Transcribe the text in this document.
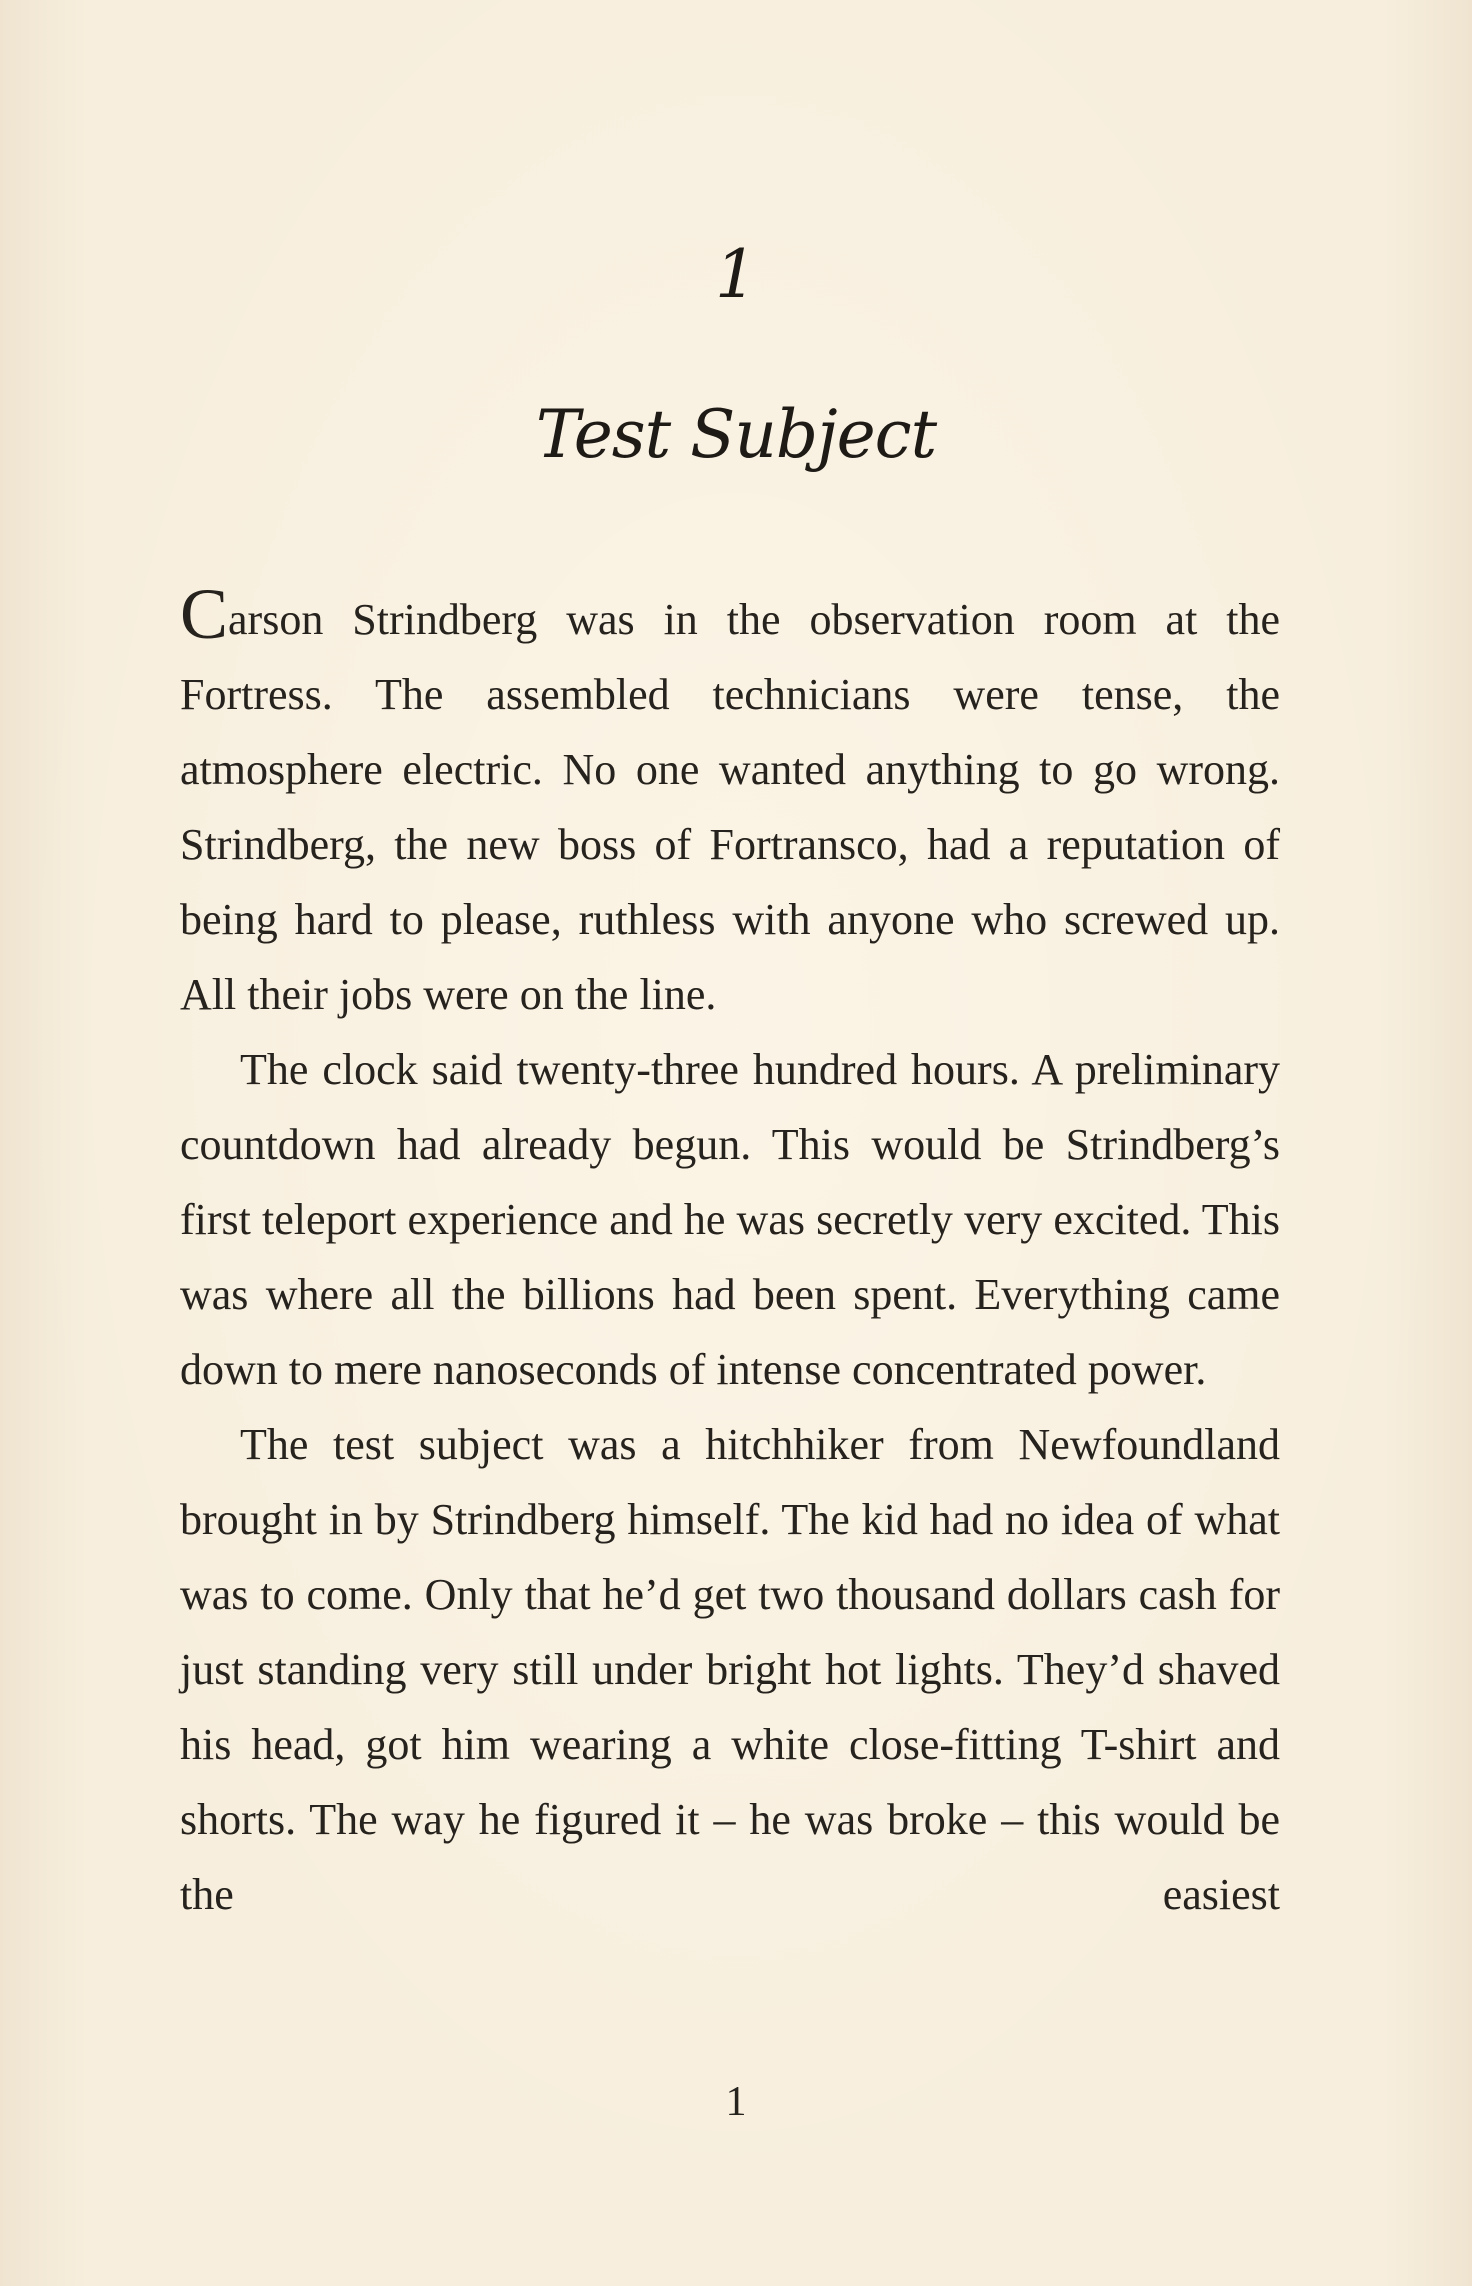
1
Test Subject

Carson Strindberg was in the observation room at the Fortress. The assembled technicians were tense, the atmosphere electric. No one wanted anything to go wrong. Strindberg, the new boss of Fortransco, had a reputation of being hard to please, ruthless with anyone who screwed up. All their jobs were on the line.

The clock said twenty-three hundred hours. A preliminary countdown had already begun. This would be Strindberg’s first teleport experience and he was secretly very excited. This was where all the billions had been spent. Everything came down to mere nanoseconds of intense concentrated power.

The test subject was a hitchhiker from Newfoundland brought in by Strindberg himself. The kid had no idea of what was to come. Only that he’d get two thousand dollars cash for just standing very still under bright hot lights. They’d shaved his head, got him wearing a white close-fitting T-shirt and shorts. The way he figured it – he was broke – this would be the easiest

1
